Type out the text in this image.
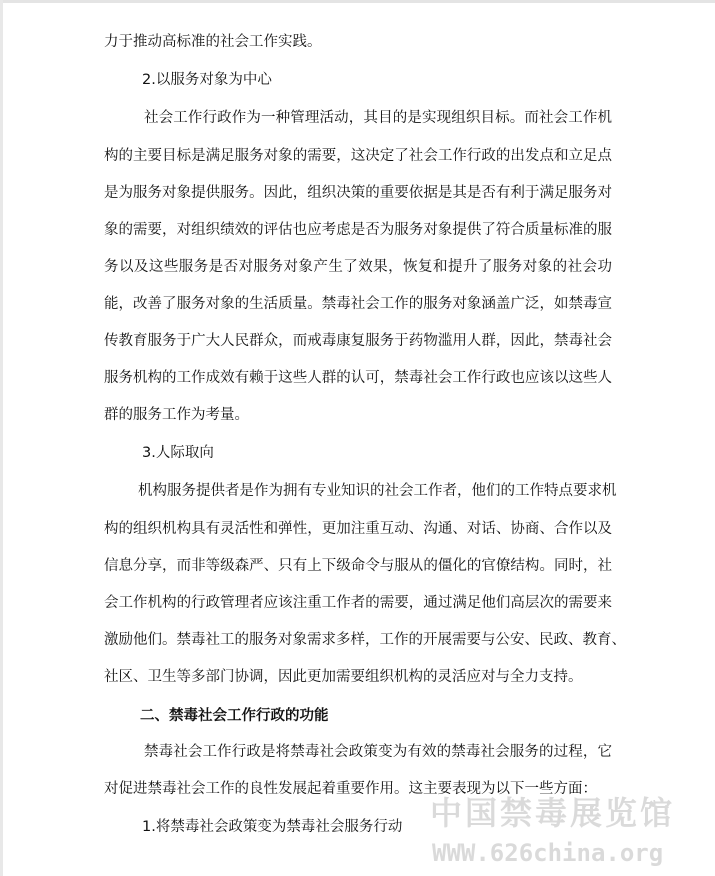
力于推动高标准的社会工作实践。
2.以服务对象为中心
社会工作行政作为一种管理活动，其目的是实现组织目标。而社会工作机
构的主要目标是满足服务对象的需要，这决定了社会工作行政的出发点和立足点
是为服务对象提供服务。因此，组织决策的重要依据是其是否有利于满足服务对
象的需要，对组织绩效的评估也应考虑是否为服务对象提供了符合质量标准的服
务以及这些服务是否对服务对象产生了效果，恢复和提升了服务对象的社会功
能，改善了服务对象的生活质量。禁毒社会工作的服务对象涵盖广泛，如禁毒宣
传教育服务于广大人民群众，而戒毒康复服务于药物滥用人群，因此，禁毒社会
服务机构的工作成效有赖于这些人群的认可，禁毒社会工作行政也应该以这些人
群的服务工作为考量。
3.人际取向
机构服务提供者是作为拥有专业知识的社会工作者，他们的工作特点要求机
构的组织机构具有灵活性和弹性，更加注重互动、沟通、对话、协商、合作以及
信息分享，而非等级森严、只有上下级命令与服从的僵化的官僚结构。同时，社
会工作机构的行政管理者应该注重工作者的需要，通过满足他们高层次的需要来
激励他们。禁毒社工的服务对象需求多样，工作的开展需要与公安、民政、教育、
社区、卫生等多部门协调，因此更加需要组织机构的灵活应对与全力支持。
二、禁毒社会工作行政的功能
禁毒社会工作行政是将禁毒社会政策变为有效的禁毒社会服务的过程，它
对促进禁毒社会工作的良性发展起着重要作用。这主要表现为以下一些方面：
1.将禁毒社会政策变为禁毒社会服务行动 中国禁毒展览馆
WWW.626china.org
